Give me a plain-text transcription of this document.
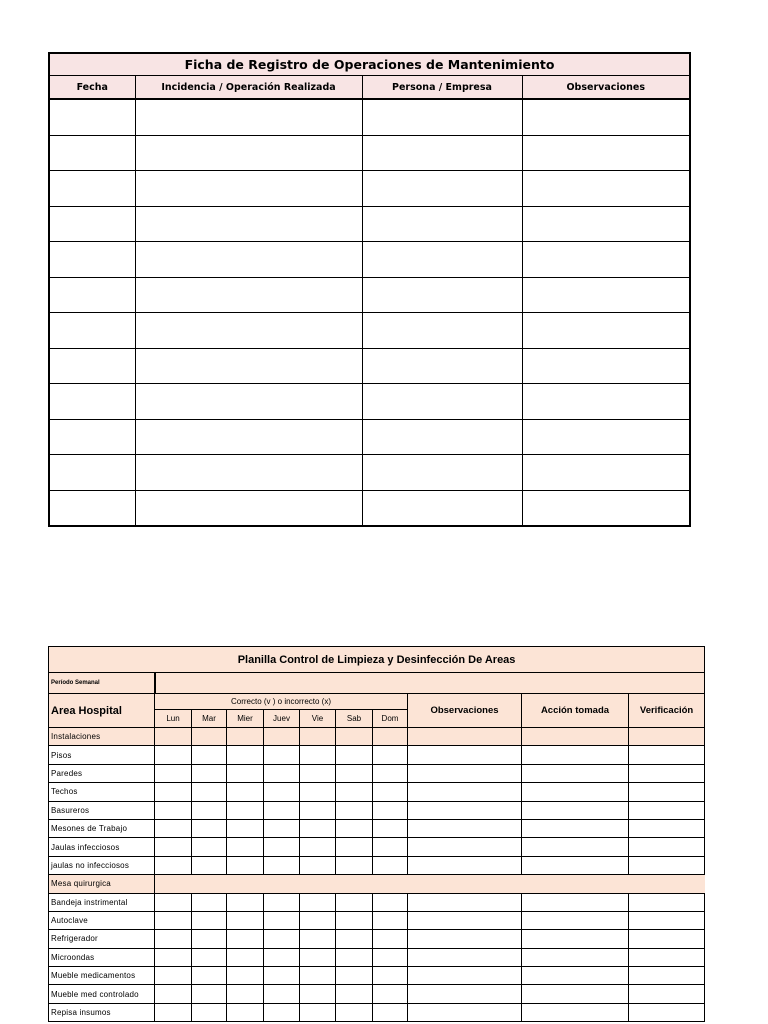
Ficha de Registro de Operaciones de Mantenimiento			
Fecha	Incidencia / Operación Realizada	Persona / Empresa	Observaciones

Planilla Control de Limpieza y Desinfección De Areas										
Período Semanal										
Area Hospital	Correcto (v ) o incorrecto (x)							Observaciones	Acción tomada	Verificación
	Lun	Mar	Mier	Juev	Vie	Sab	Dom			
Instalaciones										
Pisos										
Paredes										
Techos										
Basureros										
Mesones de Trabajo										
Jaulas infecciosos										
jaulas no infecciosos										
Mesa quirurgica										
Bandeja instrimental										
Autoclave										
Refrigerador										
Microondas										
Mueble medicamentos										
Mueble med controlado										
Repisa insumos										
